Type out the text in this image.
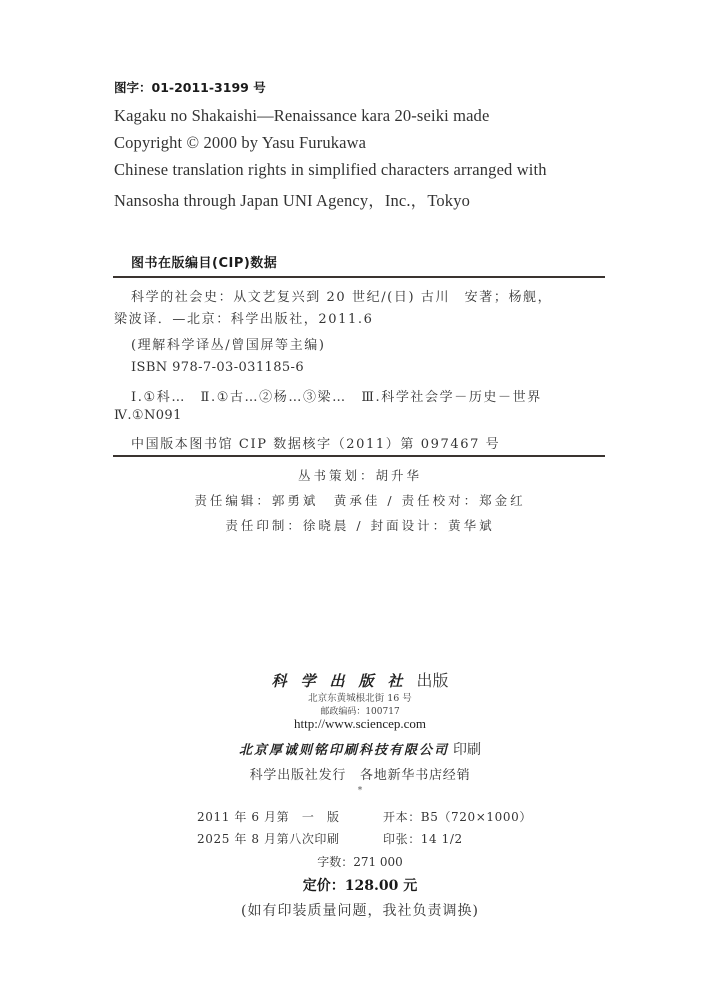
图字：01-2011-3199 号
Kagaku no Shakaishi—Renaissance kara 20-seiki made
Copyright © 2000 by Yasu Furukawa
Chinese translation rights in simplified characters arranged with
Nansosha through Japan UNI Agency，Inc.，Tokyo
图书在版编目(CIP)数据
科学的社会史：从文艺复兴到 20 世纪/(日) 古川　安著；杨舰，
梁波译．—北京：科学出版社，2011.6
(理解科学译丛/曾国屏等主编)
ISBN 978-7-03-031185-6
Ⅰ.①科…　Ⅱ.①古…②杨…③梁…　Ⅲ.科学社会学－历史－世界
Ⅳ.①N091
中国版本图书馆 CIP 数据核字（2011）第 097467 号
丛书策划：胡升华
责任编辑：郭勇斌　黄承佳 / 责任校对：郑金红
责任印制：徐晓晨 / 封面设计：黄华斌
科学出版社出版
北京东黄城根北街 16 号
邮政编码：100717
http://www.sciencep.com
北京厚诚则铭印刷科技有限公司 印刷
科学出版社发行　各地新华书店经销
*
2011 年 6 月第　一　版	开本：B5（720×1000）
2025 年 8 月第八次印刷	印张：14 1/2
字数：271 000
定价：128.00 元
(如有印装质量问题，我社负责调换)
